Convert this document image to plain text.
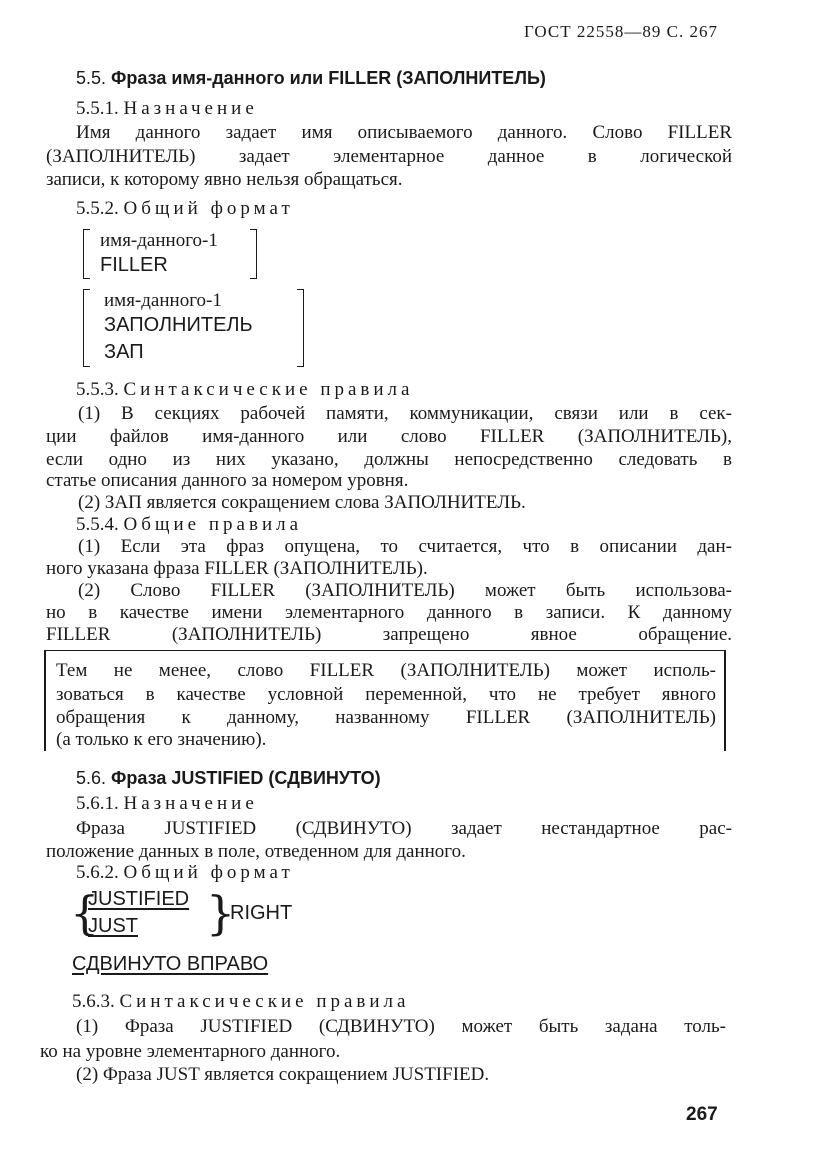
ГОСТ 22558—89 С. 267
5.5. Фраза имя-данного или FILLER (ЗАПОЛНИТЕЛЬ)
5.5.1. Назначение
Имя данного задает имя описываемого данного. Слово FILLER
(ЗАПОЛНИТЕЛЬ) задает элементарное данное в логической
записи, к которому явно нельзя обращаться.
5.5.2. Общий формат
имя-данного-1
FILLER
имя-данного-1
ЗАПОЛНИТЕЛЬ
ЗАП
5.5.3. Синтаксические правила
(1) В секциях рабочей памяти, коммуникации, связи или в сек-
ции файлов имя-данного или слово FILLER (ЗАПОЛНИТЕЛЬ),
если одно из них указано, должны непосредственно следовать в
статье описания данного за номером уровня.
(2) ЗАП является сокращением слова ЗАПОЛНИТЕЛЬ.
5.5.4. Общие правила
(1) Если эта фраз опущена, то считается, что в описании дан-
ного указана фраза FILLER (ЗАПОЛНИТЕЛЬ).
(2) Слово FILLER (ЗАПОЛНИТЕЛЬ) может быть использова-
но в качестве имени элементарного данного в записи. К данному
FILLER (ЗАПОЛНИТЕЛЬ) запрещено явное обращение.
Тем не менее, слово FILLER (ЗАПОЛНИТЕЛЬ) может исполь-
зоваться в качестве условной переменной, что не требует явного
обращения к данному, названному FILLER (ЗАПОЛНИТЕЛЬ)
(а только к его значению).
5.6. Фраза JUSTIFIED (СДВИНУТО)
5.6.1. Назначение
Фраза JUSTIFIED (СДВИНУТО) задает нестандартное рас-
положение данных в поле, отведенном для данного.
5.6.2. Общий формат
{
JUSTIFIED
JUST }
RIGHT
СДВИНУТО ВПРАВО
5.6.3. Синтаксические правила
(1) Фраза JUSTIFIED (СДВИНУТО) может быть задана толь-
ко на уровне элементарного данного.
(2) Фраза JUST является сокращением JUSTIFIED.
267
